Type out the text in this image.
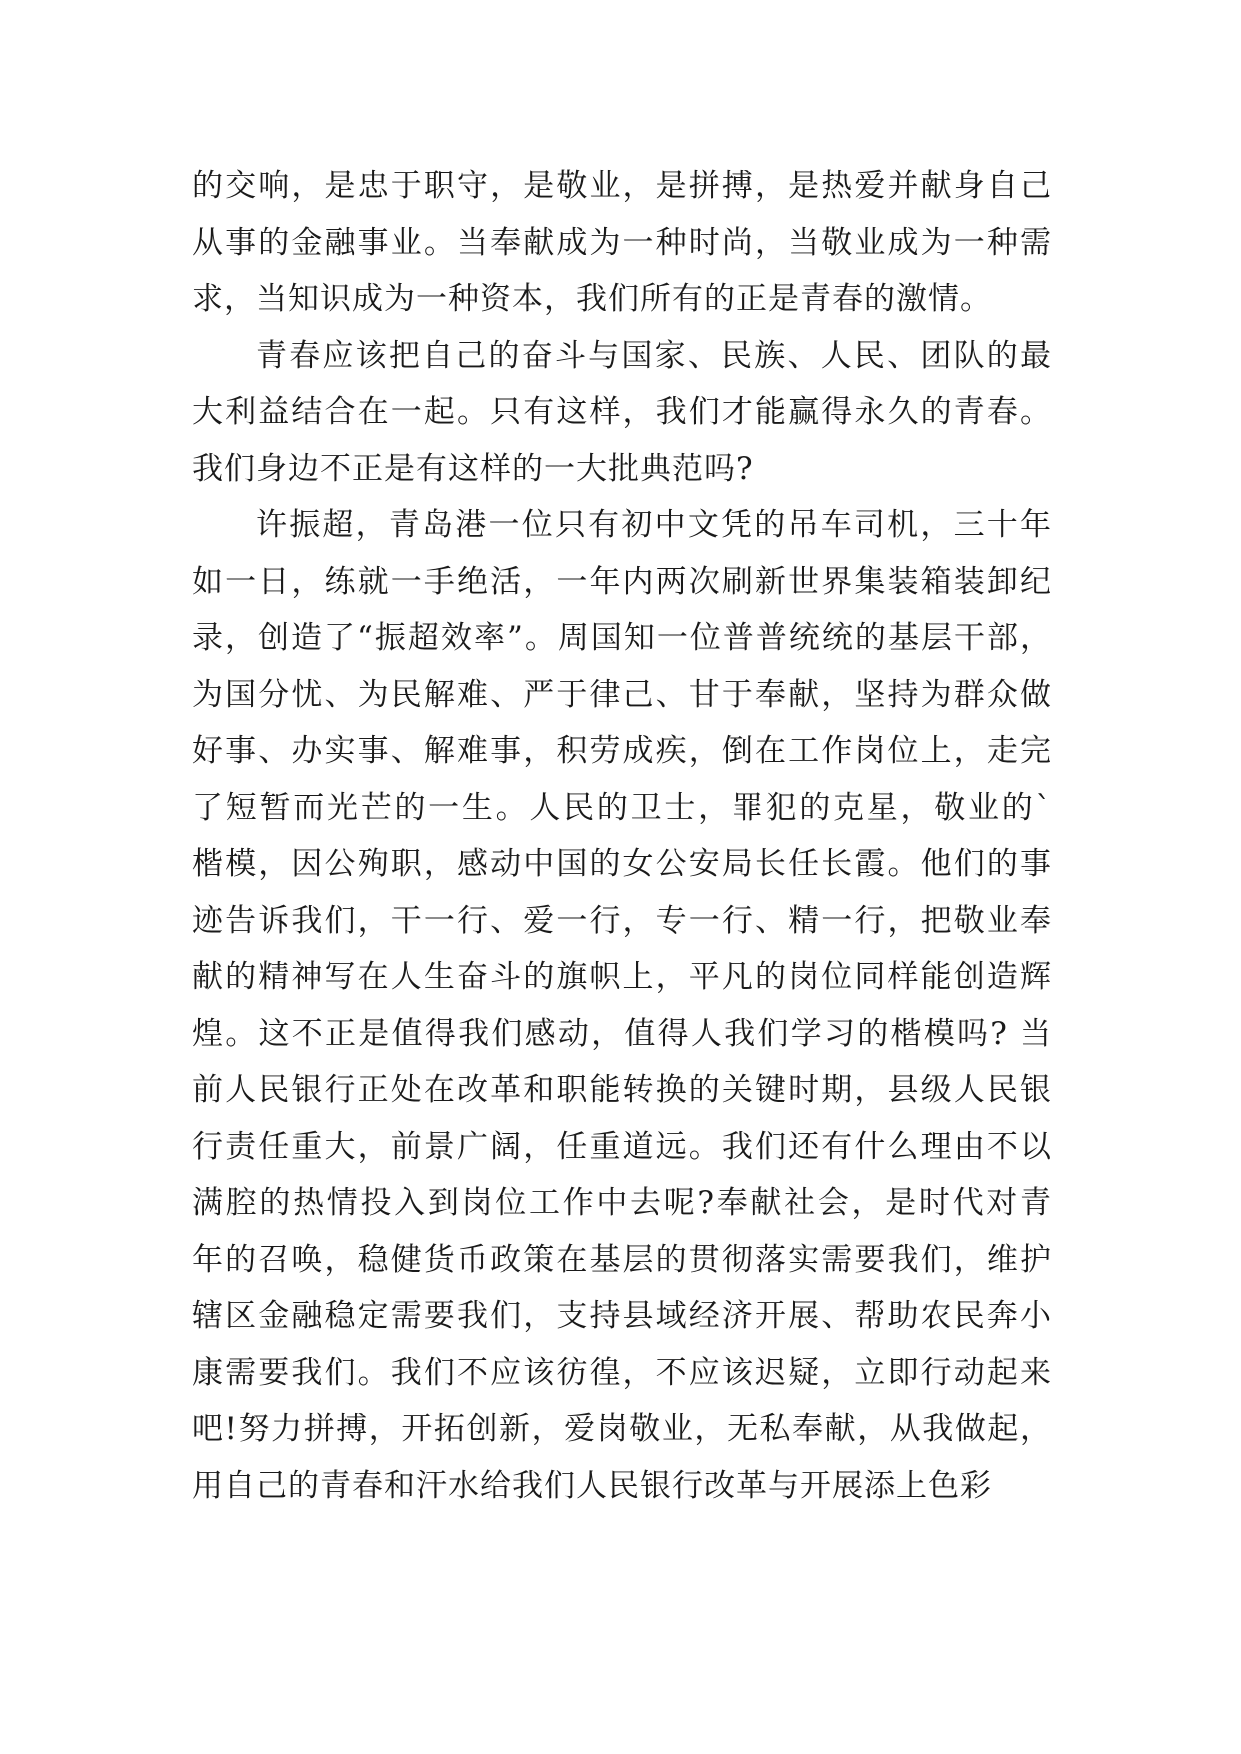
的交响，是忠于职守，是敬业，是拼搏，是热爱并献身自己
从事的金融事业。当奉献成为一种时尚，当敬业成为一种需
求，当知识成为一种资本，我们所有的正是青春的激情。
青春应该把自己的奋斗与国家、民族、人民、团队的最
大利益结合在一起。只有这样，我们才能赢得永久的青春。
我们身边不正是有这样的一大批典范吗?
许振超，青岛港一位只有初中文凭的吊车司机，三十年
如一日，练就一手绝活，一年内两次刷新世界集装箱装卸纪
录，创造了“振超效率”。周国知一位普普统统的基层干部，
为国分忧、为民解难、严于律己、甘于奉献，坚持为群众做
好事、办实事、解难事，积劳成疾，倒在工作岗位上，走完
了短暂而光芒的一生。人民的卫士，罪犯的克星，敬业的`
楷模，因公殉职，感动中国的女公安局长任长霞。他们的事
迹告诉我们，干一行、爱一行，专一行、精一行，把敬业奉
献的精神写在人生奋斗的旗帜上，平凡的岗位同样能创造辉
煌。这不正是值得我们感动，值得人我们学习的楷模吗? 当
前人民银行正处在改革和职能转换的关键时期，县级人民银
行责任重大，前景广阔，任重道远。我们还有什么理由不以
满腔的热情投入到岗位工作中去呢?奉献社会，是时代对青
年的召唤，稳健货币政策在基层的贯彻落实需要我们，维护
辖区金融稳定需要我们，支持县域经济开展、帮助农民奔小
康需要我们。我们不应该彷徨，不应该迟疑，立即行动起来
吧!努力拼搏，开拓创新，爱岗敬业，无私奉献，从我做起，
用自己的青春和汗水给我们人民银行改革与开展添上色彩
